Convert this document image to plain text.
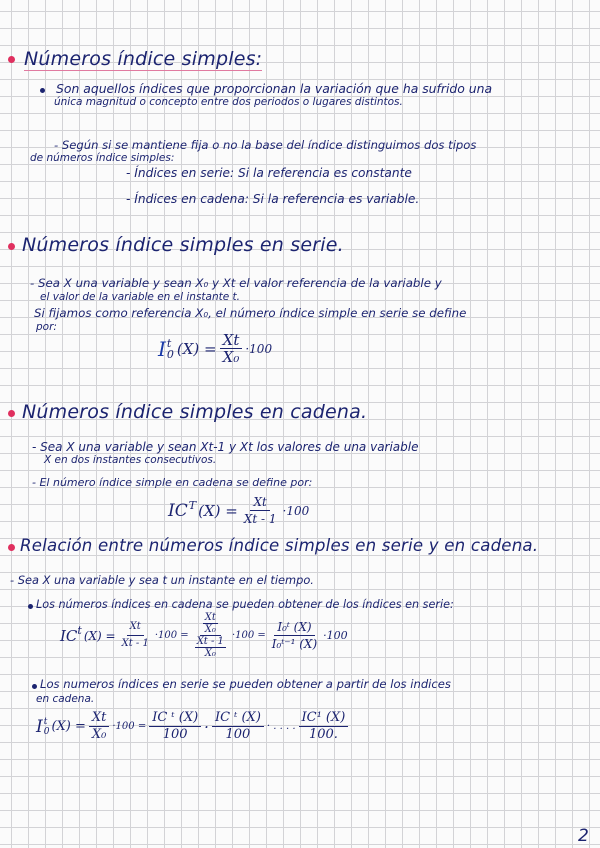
Números índice simples:
Son aquellos índices que proporcionan la variación que ha sufrido una
única magnitud o concepto entre dos periodos o lugares distintos.
- Según si se mantiene fija o no la base del índice distinguimos dos tipos
de números índice simples:
- Índices en serie: Si la referencia es constante
- Índices en cadena: Si la referencia es variable.
Números índice simples en serie.
- Sea X una variable y sean X₀ y Xt el valor referencia de la variable y
el valor de la variable en el instante t.
Si fijamos como referencia X₀, el número índice simple en serie se define
por:
I t
0 $(X) = \frac{Xt}{\text{X₀}} \cdot 100$
Números índice simples en cadena.
- Sea X una variable y sean Xt-1 y Xt los valores de una variable
X en dos instantes consecutivos.
- El número índice simple en cadena se define por:
$IC^T$ $(X) = \frac{Xt}{Xt - 1} \cdot 100$
Relación entre números índice simples en serie y en cadena.
- Sea X una variable y sea t un instante en el tiempo.
Los números índices en cadena se pueden obtener de los índices en serie:
$IC^t$ $(X) = \frac{Xt}{Xt - 1} \cdot 100 = \frac{\frac{Xt}{\text{X₀}}}{\frac{Xt - 1}{\text{X₀}}} \cdot 100 = \frac{\text{I₀ᵗ (X)}}{\text{I₀ᵗ⁻¹ (X)}} \cdot 100$
Los numeros índices en serie se pueden obtener a partir de los indices
en cadena.
I t
0 $(X) = \frac{Xt}{\text{X₀}} \cdot 100 = \frac{\text{IC ᵗ (X)}}{100} \cdot \frac{\text{IC ᵗ (X)}}{100}$ · . . . . $\frac{\text{IC¹ (X)}}{100.}$
2
